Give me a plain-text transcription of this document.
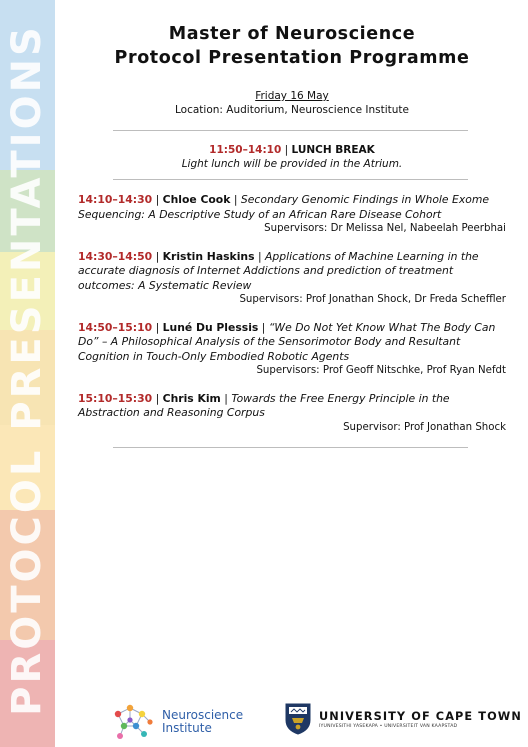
PROTOCOL PRESENTATIONS	Master of Neuroscience
Protocol Presentation Programme
Friday 16 May
Location: Auditorium, Neuroscience Institute
11:50–14:10 | LUNCH BREAK
Light lunch will be provided in the Atrium.
14:10–14:30 | Chloe Cook | Secondary Genomic Findings in Whole Exome Sequencing: A Descriptive Study of an African Rare Disease Cohort
Supervisors: Dr Melissa Nel, Nabeelah Peerbhai
14:30–14:50 | Kristin Haskins | Applications of Machine Learning in the accurate diagnosis of Internet Addictions and prediction of treatment outcomes: A Systematic Review
Supervisors: Prof Jonathan Shock, Dr Freda Scheffler
14:50–15:10 | Luné Du Plessis | “We Do Not Yet Know What The Body Can Do” – A Philosophical Analysis of the Sensorimotor Body and Resultant Cognition in Touch-Only Embodied Robotic Agents
Supervisors: Prof Geoff Nitschke, Prof Ryan Nefdt
15:10–15:30 | Chris Kim | Towards the Free Energy Principle in the Abstraction and Reasoning Corpus
Supervisor: Prof Jonathan Shock
Neuroscience
Institute
UNIVERSITY OF CAPE TOWN
IYUNIVESITHI YASEKAPA • UNIVERSITEIT VAN KAAPSTAD
